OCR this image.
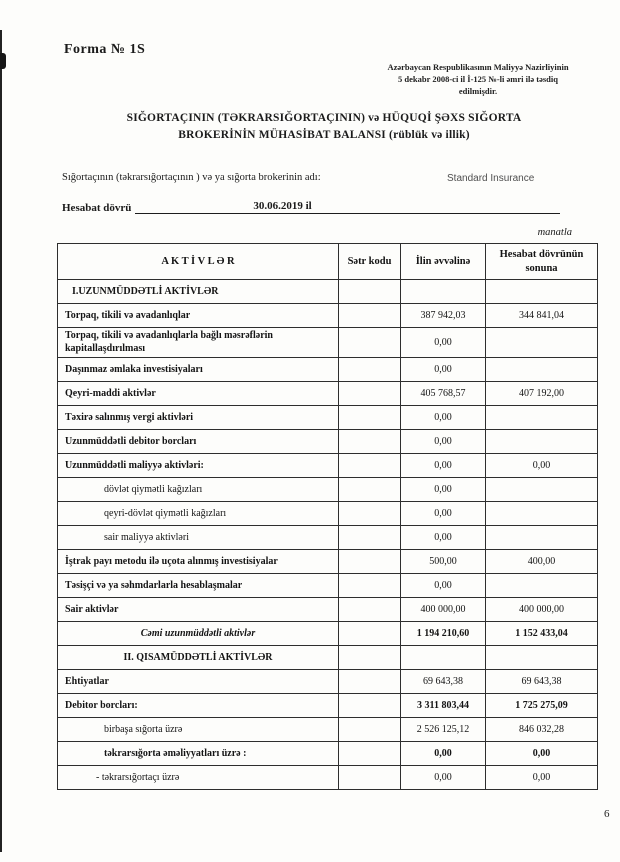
Forma № 1S
Azərbaycan Respublikasının Maliyyə Nazirliyinin
5 dekabr 2008-ci il İ-125 №-li əmri ilə təsdiq
edilmişdir.
SIĞORTAÇININ (TƏKRARSIĞORTAÇININ) və HÜQUQİ ŞƏXS SIĞORTA
BROKERİNİN MÜHASİBAT BALANSI (rüblük və illik)
Sığortaçının (təkrarsığortaçının ) və ya sığorta brokerinin adı:	Standard Insurance
Hesabat dövrü	30.06.2019 il
manatla
A K T İ V L Ə R	Sətr kodu	İlin əvvəlinə	Hesabat dövrünün sonuna
I.UZUNMÜDDƏTLİ AKTİVLƏR			
Torpaq, tikili və avadanlıqlar		387 942,03	344 841,04
Torpaq, tikili və avadanlıqlarla bağlı məsrəflərin kapitallaşdırılması		0,00	
Daşınmaz əmlaka investisiyaları		0,00	
Qeyri-maddi aktivlər		405 768,57	407 192,00
Təxirə salınmış vergi aktivləri		0,00	
Uzunmüddətli debitor borcları		0,00	
Uzunmüddətli maliyyə aktivləri:		0,00	0,00
dövlət qiymətli kağızları		0,00	
qeyri-dövlət qiymətli kağızları		0,00	
sair maliyyə aktivləri		0,00	
İştrak payı metodu ilə uçota alınmış investisiyalar		500,00	400,00
Təsişçi və ya səhmdarlarla hesablaşmalar		0,00	
Sair aktivlər		400 000,00	400 000,00
Cəmi uzunmüddətli aktivlər		1 194 210,60	1 152 433,04
II. QISAMÜDDƏTLİ AKTİVLƏR			
Ehtiyatlar		69 643,38	69 643,38
Debitor borcları:		3 311 803,44	1 725 275,09
birbaşa sığorta üzrə		2 526 125,12	846 032,28
təkrarsığorta əməliyyatları üzrə :		0,00	0,00
- təkrarsığortaçı üzrə		0,00	0,00
6
